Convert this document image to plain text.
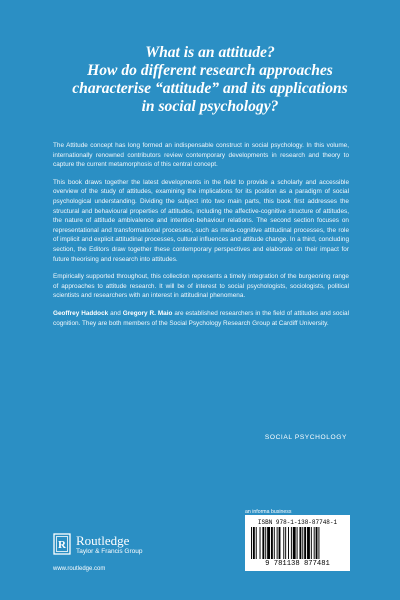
What is an attitude?
How do different research approaches
characterise “attitude” and its applications
in social psychology?

The Attitude concept has long formed an indispensable construct in social psychology. In this volume, internationally renowned contributors review contemporary developments in research and theory to capture the current metamorphosis of this central concept.

This book draws together the latest developments in the field to provide a scholarly and accessible overview of the study of attitudes, examining the implications for its position as a paradigm of social psychological understanding. Dividing the subject into two main parts, this book first addresses the structural and behavioural properties of attitudes, including the affective-cognitive structure of attitudes, the nature of attitude ambivalence and intention-behaviour relations. The second section focuses on representational and transformational processes, such as meta-cognitive attitudinal processes, the role of implicit and explicit attitudinal processes, cultural influences and attitude change. In a third, concluding section, the Editors draw together these contemporary perspectives and elaborate on their impact for future theorising and research into attitudes.

Empirically supported throughout, this collection represents a timely integration of the burgeoning range of approaches to attitude research. It will be of interest to social psychologists, sociologists, political scientists and researchers with an interest in attitudinal phenomena.

Geoffrey Haddock and Gregory R. Maio are established researchers in the field of attitudes and social cognition. They are both members of the Social Psychology Research Group at Cardiff University.

SOCIAL PSYCHOLOGY
R Routledge
Taylor & Francis Group
www.routledge.com
an informa business
ISBN 978-1-138-87748-1
9 781138 877481
